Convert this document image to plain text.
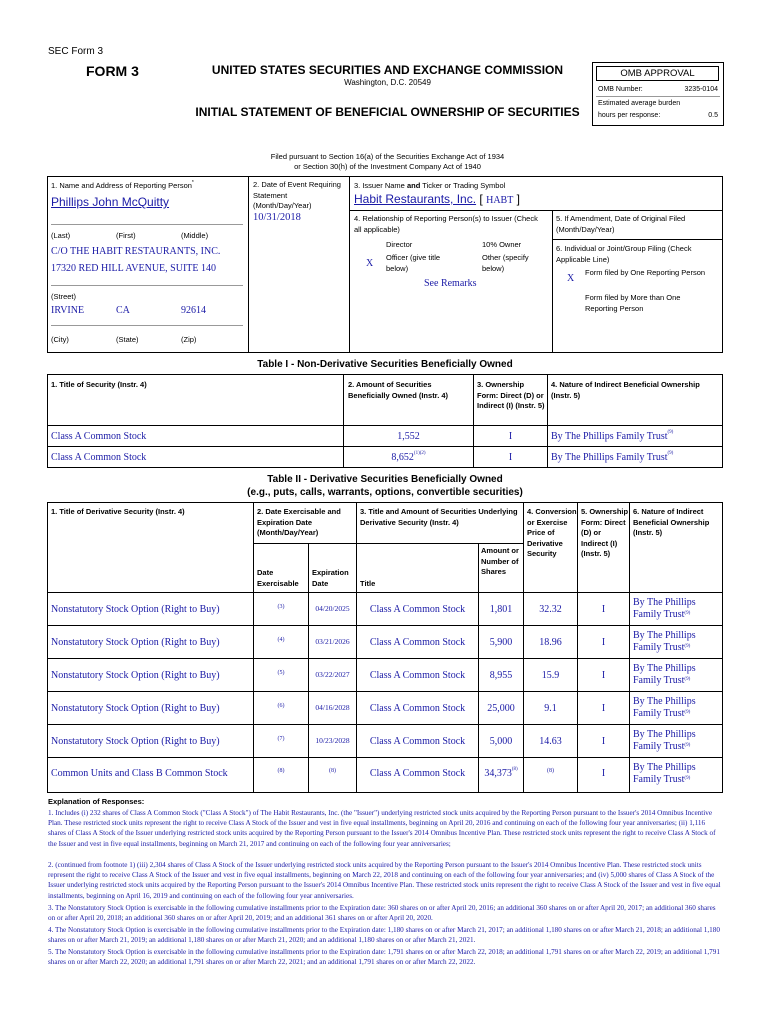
SEC Form 3
FORM 3	UNITED STATES SECURITIES AND EXCHANGE COMMISSION
Washington, D.C. 20549
INITIAL STATEMENT OF BENEFICIAL OWNERSHIP OF SECURITIES
OMB APPROVAL
OMB Number:	3235-0104
Estimated average burden
hours per response:	0.5
Filed pursuant to Section 16(a) of the Securities Exchange Act of 1934
or Section 30(h) of the Investment Company Act of 1940
1. Name and Address of Reporting Person*
Phillips John McQuitty
(Last)	(First)	(Middle)
C/O THE HABIT RESTAURANTS, INC.
17320 RED HILL AVENUE, SUITE 140
(Street)
IRVINE	CA	92614
(City)	(State)	(Zip)
2. Date of Event Requiring Statement (Month/Day/Year)
10/31/2018
3. Issuer Name and Ticker or Trading Symbol
Habit Restaurants, Inc. [ HABT ]
4. Relationship of Reporting Person(s) to Issuer (Check all applicable)
Director	10% Owner
X
Officer (give title below)
Other (specify below)
See Remarks
5. If Amendment, Date of Original Filed (Month/Day/Year)
6. Individual or Joint/Group Filing (Check Applicable Line)
X
Form filed by One Reporting Person
Form filed by More than One Reporting Person
Table I - Non-Derivative Securities Beneficially Owned
1. Title of Security (Instr. 4)	2. Amount of Securities Beneficially Owned (Instr. 4)
3. Ownership Form: Direct (D) or Indirect (I) (Instr. 5)
4. Nature of Indirect Beneficial Ownership (Instr. 5)
Class A Common Stock	1,552	I	By The Phillips Family Trust$^{(9)}$
Class A Common Stock	$8,652^{(1)(2)}$	I	By The Phillips Family Trust$^{(9)}$
Table II - Derivative Securities Beneficially Owned
(e.g., puts, calls, warrants, options, convertible securities)
1. Title of Derivative Security (Instr. 4)	2. Date Exercisable and Expiration Date (Month/Day/Year)
Date Exercisable
Expiration Date
3. Title and Amount of Securities Underlying Derivative Security (Instr. 4)
Title
Amount or Number of Shares
4. Conversion or Exercise Price of Derivative Security
5. Ownership Form: Direct (D) or Indirect (I) (Instr. 5)
6. Nature of Indirect Beneficial Ownership (Instr. 5)
Nonstatutory Stock Option (Right to Buy)	(3)	04/20/2025	Class A Common Stock	1,801	32.32	I
By The Phillips
Family Trust$^{(9)}$
Nonstatutory Stock Option (Right to Buy)	(4)	03/21/2026	Class A Common Stock	5,900	18.96	I
By The Phillips
Family Trust$^{(9)}$
Nonstatutory Stock Option (Right to Buy)	(5)	03/22/2027	Class A Common Stock	8,955	15.9	I
By The Phillips
Family Trust$^{(9)}$
Nonstatutory Stock Option (Right to Buy)	(6)	04/16/2028	Class A Common Stock	25,000	9.1	I
By The Phillips
Family Trust$^{(9)}$
Nonstatutory Stock Option (Right to Buy)	(7)	10/23/2028	Class A Common Stock	5,000	14.63	I
By The Phillips
Family Trust$^{(9)}$
Common Units and Class B Common Stock	(8)	(8)	Class A Common Stock	34,373$^{(8)}$	(8)	I
By The Phillips
Family Trust$^{(9)}$
Explanation of Responses:
1. Includes (i) 232 shares of Class A Common Stock ("Class A Stock") of The Habit Restaurants, Inc. (the "Issuer") underlying restricted stock units acquired by the Reporting Person pursuant to the Issuer's 2014 Omnibus Incentive Plan. These restricted stock units represent the right to receive Class A Stock of the Issuer and vest in five equal installments, beginning on April 20, 2016 and continuing on each of the following four year anniversaries; (ii) 1,116 shares of Class A Stock of the Issuer underlying restricted stock units acquired by the Reporting Person pursuant to the Issuer's 2014 Omnibus Incentive Plan. These restricted stock units represent the right to receive Class A Stock of the Issuer and vest in five equal installments, beginning on March 21, 2017 and continuing on each of the following four year anniversaries;
2. (continued from footnote 1) (iii) 2,304 shares of Class A Stock of the Issuer underlying restricted stock units acquired by the Reporting Person pursuant to the Issuer's 2014 Omnibus Incentive Plan. These restricted stock units represent the right to receive Class A Stock of the Issuer and vest in five equal installments, beginning on March 22, 2018 and continuing on each of the following four year anniversaries; and (iv) 5,000 shares of Class A Stock of the Issuer underlying restricted stock units acquired by the Reporting Person pursuant to the Issuer's 2014 Omnibus Incentive Plan. These restricted stock units represent the right to receive Class A Stock of the Issuer and vest in five equal installments, beginning on April 16, 2019 and continuing on each of the following four year anniversaries.
3. The Nonstatutory Stock Option is exercisable in the following cumulative installments prior to the Expiration date: 360 shares on or after April 20, 2016; an additional 360 shares on or after April 20, 2017; an additional 360 shares on or after April 20, 2018; an additional 360 shares on or after April 20, 2019; and an additional 361 shares on or after April 20, 2020.
4. The Nonstatutory Stock Option is exercisable in the following cumulative installments prior to the Expiration date: 1,180 shares on or after March 21, 2017; an additional 1,180 shares on or after March 21, 2018; an additional 1,180 shares on or after March 21, 2019; an additional 1,180 shares on or after March 21, 2020; and an additional 1,180 shares on or after March 21, 2021.
5. The Nonstatutory Stock Option is exercisable in the following cumulative installments prior to the Expiration date: 1,791 shares on or after March 22, 2018; an additional 1,791 shares on or after March 22, 2019; an additional 1,791 shares on or after March 22, 2020; an additional 1,791 shares on or after March 22, 2021; and an additional 1,791 shares on or after March 22, 2022.
